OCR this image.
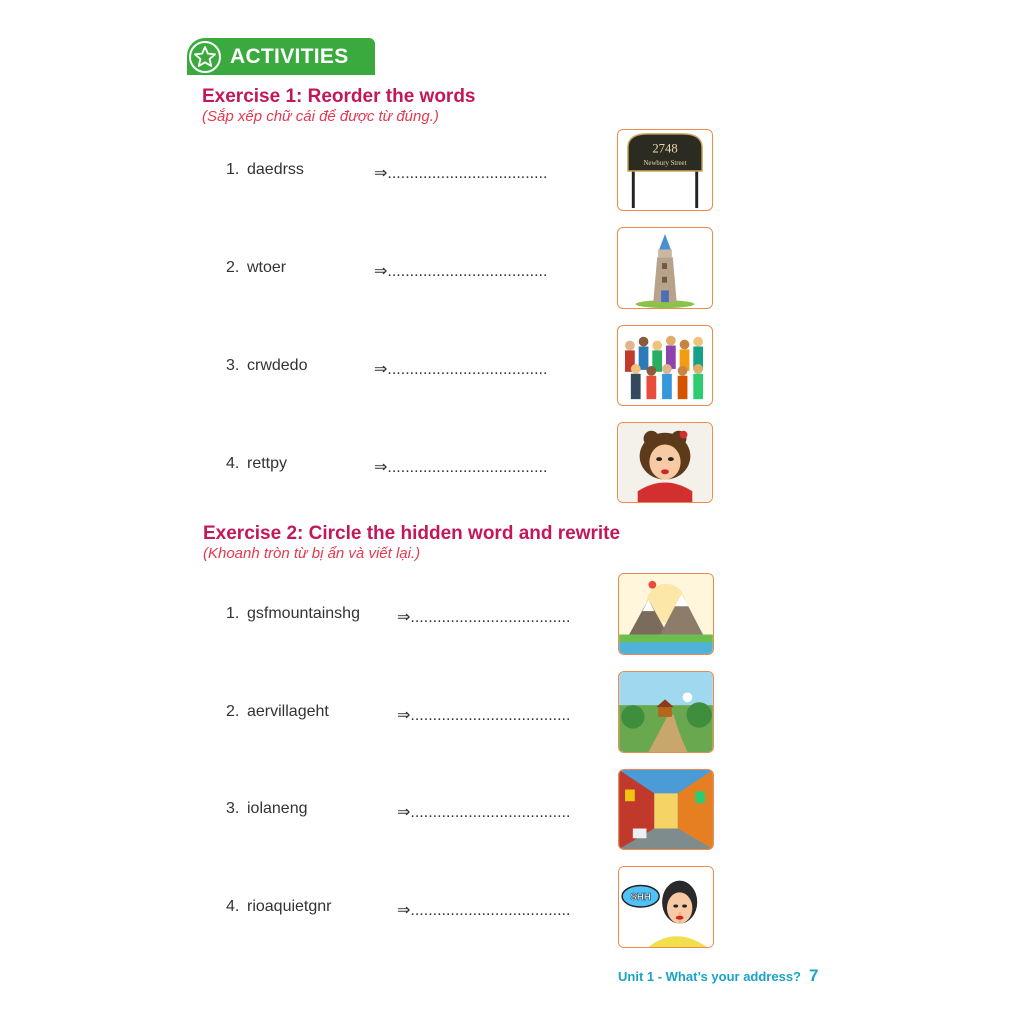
ACTIVITIES
Exercise 1: Reorder the words
(Sắp xếp chữ cái để được từ đúng.)
1. daedrss	⇒....................................
2. wtoer	⇒....................................
3. crwdedo	⇒....................................
4. rettpy	⇒....................................
2748
Newbury Street
Exercise 2: Circle the hidden word and rewrite
(Khoanh tròn từ bị ẩn và viết lại.)
1. gsfmountainshg ⇒....................................
2. aervillageht	⇒....................................
3. iolaneng	⇒....................................
4. rioaquietgnr	⇒....................................
SHH
Unit 1 - What’s your address? 7
